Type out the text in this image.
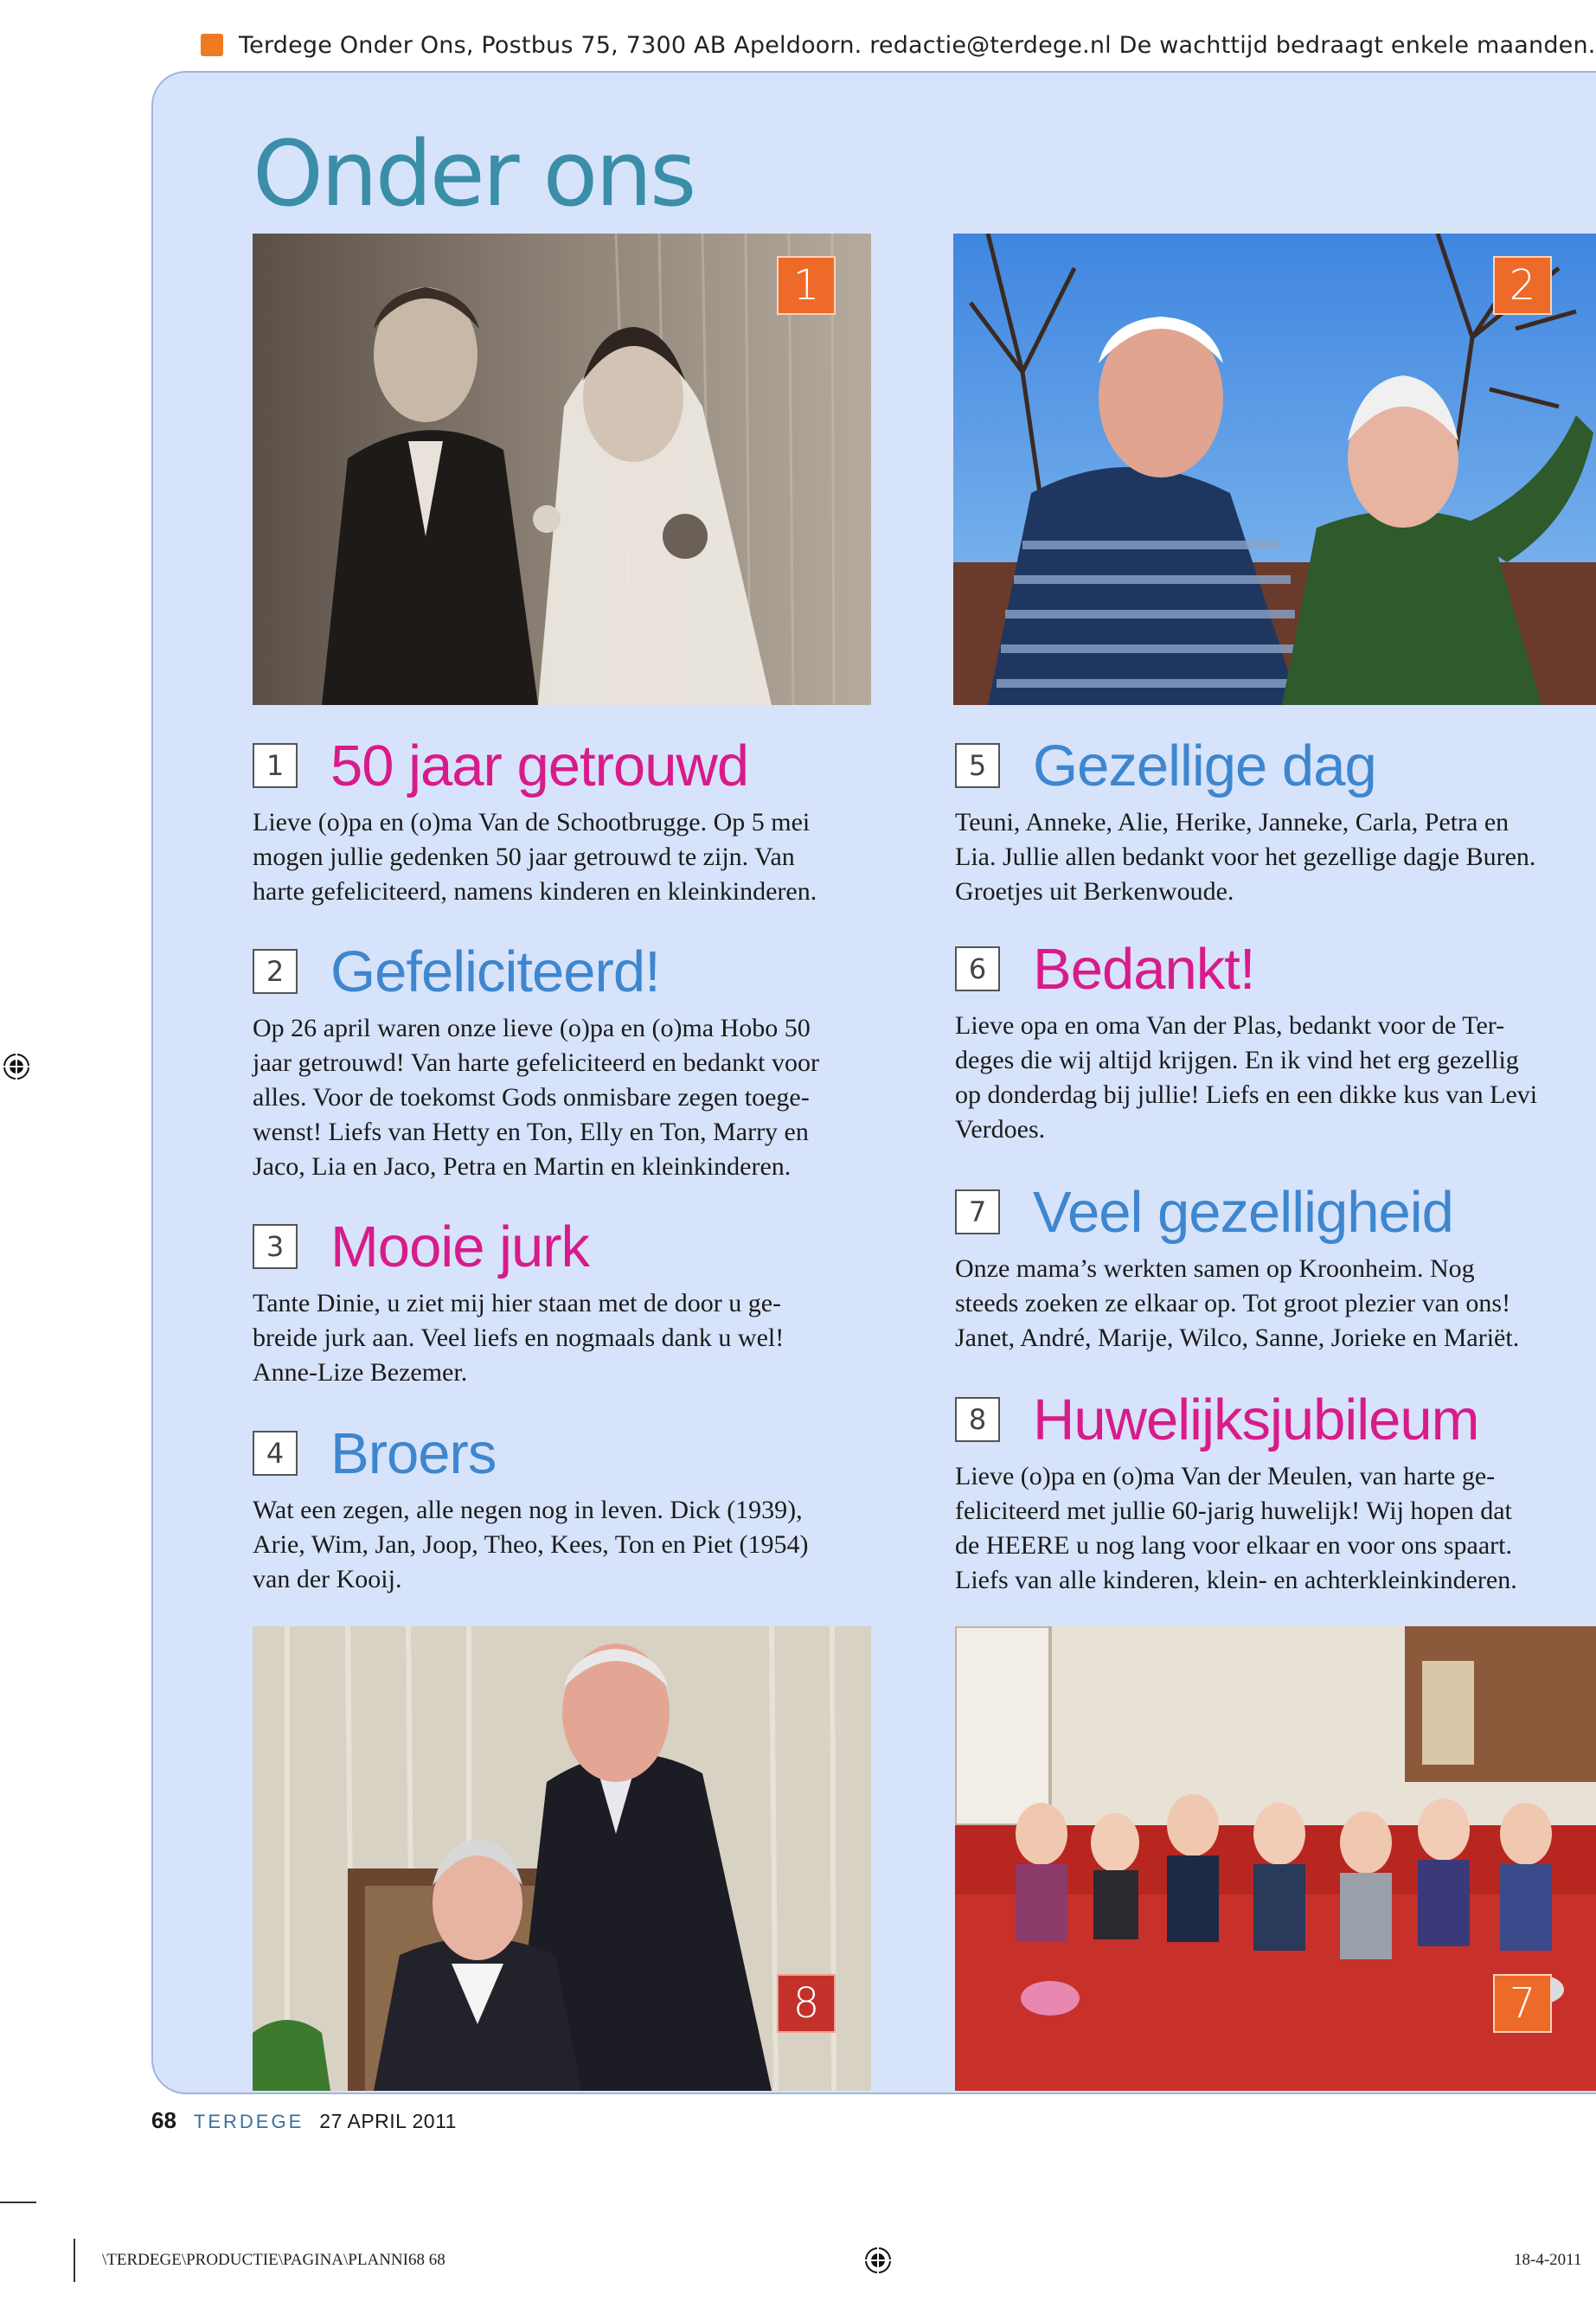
Terdege Onder Ons, Postbus 75, 7300 AB Apeldoorn. redactie@terdege.nl De wachttijd bedraagt enkele maanden.
Onder ons
1	2
1 50 jaar getrouwd
Lieve (o)pa en (o)ma Van de Schootbrugge. Op 5 mei
mogen jullie gedenken 50 jaar getrouwd te zijn. Van
harte gefeliciteerd, namens kinderen en kleinkinderen.
2 Gefeliciteerd!
Op 26 april waren onze lieve (o)pa en (o)ma Hobo 50
jaar getrouwd! Van harte gefeliciteerd en bedankt voor
alles. Voor de toekomst Gods onmisbare zegen toege-
wenst! Liefs van Hetty en Ton, Elly en Ton, Marry en
Jaco, Lia en Jaco, Petra en Martin en kleinkinderen.
3 Mooie jurk
Tante Dinie, u ziet mij hier staan met de door u ge-
breide jurk aan. Veel liefs en nogmaals dank u wel!
Anne-Lize Bezemer.
4 Broers
Wat een zegen, alle negen nog in leven. Dick (1939),
Arie, Wim, Jan, Joop, Theo, Kees, Ton en Piet (1954)
van der Kooij.
5 Gezellige dag
Teuni, Anneke, Alie, Herike, Janneke, Carla, Petra en
Lia. Jullie allen bedankt voor het gezellige dagje Buren.
Groetjes uit Berkenwoude.
6 Bedankt!
Lieve opa en oma Van der Plas, bedankt voor de Ter-
deges die wij altijd krijgen. En ik vind het erg gezellig
op donderdag bij jullie! Liefs en een dikke kus van Levi
Verdoes.
7 Veel gezelligheid
Onze mama’s werkten samen op Kroonheim. Nog
steeds zoeken ze elkaar op. Tot groot plezier van ons!
Janet, André, Marije, Wilco, Sanne, Jorieke en Mariët.
8 Huwelijksjubileum
Lieve (o)pa en (o)ma Van der Meulen, van harte ge-
feliciteerd met jullie 60-jarig huwelijk! Wij hopen dat
de HEERE u nog lang voor elkaar en voor ons spaart.
Liefs van alle kinderen, klein- en achterkleinkinderen.
8	7
68 TERDEGE 27 APRIL 2011
\TERDEGE\PRODUCTIE\PAGINA\PLANNI68 68	18-4-2011
